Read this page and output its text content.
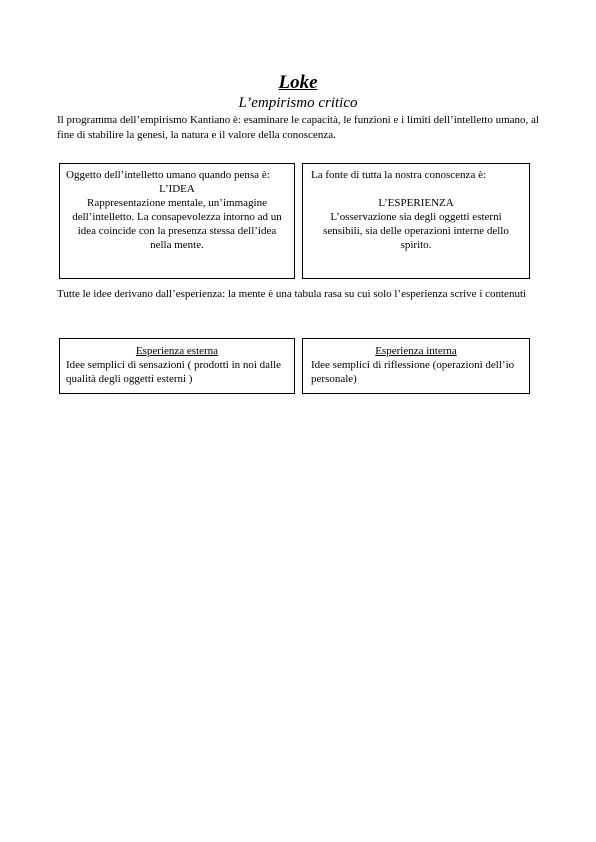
Loke
L’empirismo critico

Il programma dell’empirismo Kantiano è: esaminare le capacità, le funzioni e i limiti dell’intelletto umano, al fine di stabilire la genesi, la natura e il valore della conoscenza.

Oggetto dell’intelletto umano quando pensa è:

L’IDEA

Rappresentazione mentale, un’immagine dell’intelletto. La consapevolezza intorno ad un idea coincide con la presenza stessa dell’idea nella mente.

La fonte di tutta la nostra conoscenza è:

L’ESPERIENZA

L’osservazione sia degli oggetti esterni sensibili, sia delle operazioni interne dello spirito.

Tutte le idee derivano dall’esperienza: la mente è una tabula rasa su cui solo l’esperienza scrive i contenuti

Esperienza esterna

Idee semplici di sensazioni ( prodotti in noi dalle qualità degli oggetti esterni )

Esperienza interna

Idee semplici di riflessione (operazioni dell’io personale)
